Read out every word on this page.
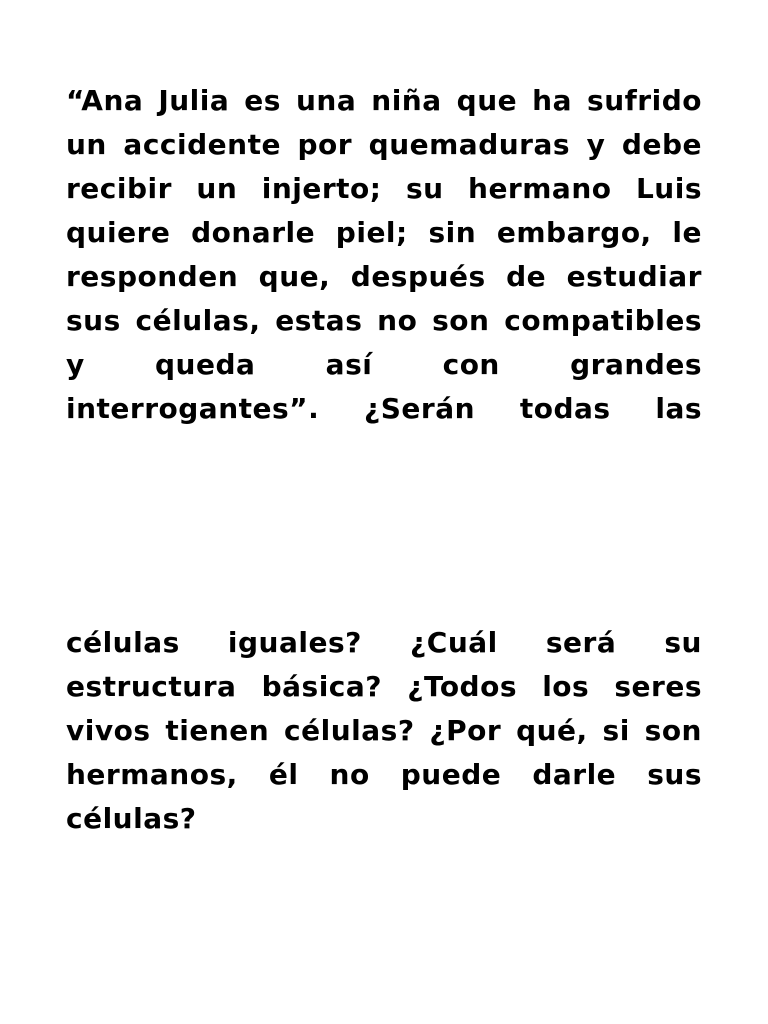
“Ana Julia es una niña que ha sufrido
un accidente por quemaduras y debe
recibir un injerto; su hermano Luis
quiere donarle piel; sin embargo, le
responden que, después de estudiar
sus células, estas no son compatibles
y queda así con grandes
interrogantes”. ¿Serán todas las

células iguales? ¿Cuál será su
estructura básica? ¿Todos los seres
vivos tienen células? ¿Por qué, si son
hermanos, él no puede darle sus
células?
